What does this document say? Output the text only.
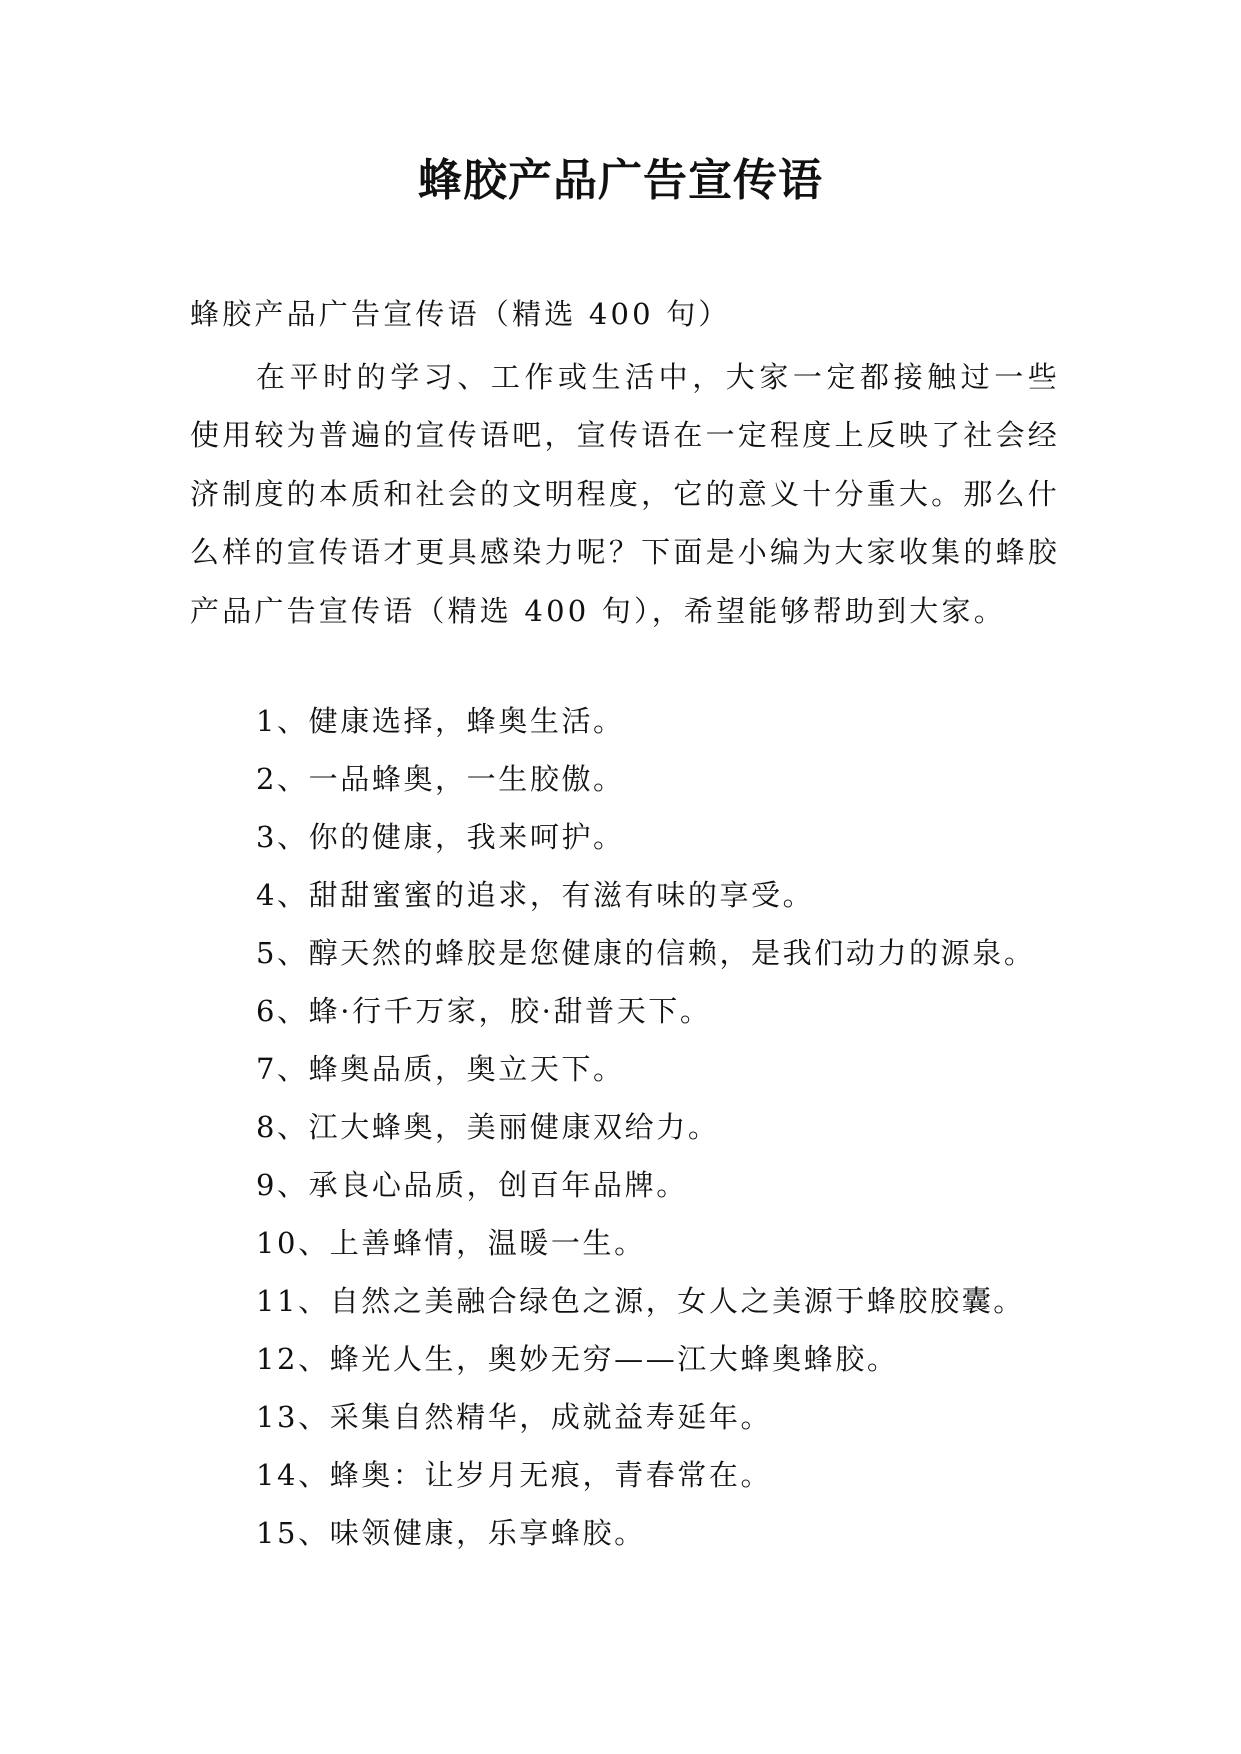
蜂胶产品广告宣传语
蜂胶产品广告宣传语（精选 400 句）

在平时的学习、工作或生活中，大家一定都接触过一些使用较为普遍的宣传语吧，宣传语在一定程度上反映了社会经济制度的本质和社会的文明程度，它的意义十分重大。那么什么样的宣传语才更具感染力呢？下面是小编为大家收集的蜂胶产品广告宣传语（精选 400 句），希望能够帮助到大家。

1、健康选择，蜂奥生活。
2、一品蜂奥，一生胶傲。
3、你的健康，我来呵护。
4、甜甜蜜蜜的追求，有滋有味的享受。
5、醇天然的蜂胶是您健康的信赖，是我们动力的源泉。
6、蜂·行千万家，胶·甜普天下。
7、蜂奥品质，奥立天下。
8、江大蜂奥，美丽健康双给力。
9、承良心品质，创百年品牌。
10、上善蜂情，温暖一生。
11、自然之美融合绿色之源，女人之美源于蜂胶胶囊。
12、蜂光人生，奥妙无穷——江大蜂奥蜂胶。
13、采集自然精华，成就益寿延年。
14、蜂奥：让岁月无痕，青春常在。
15、味领健康，乐享蜂胶。
